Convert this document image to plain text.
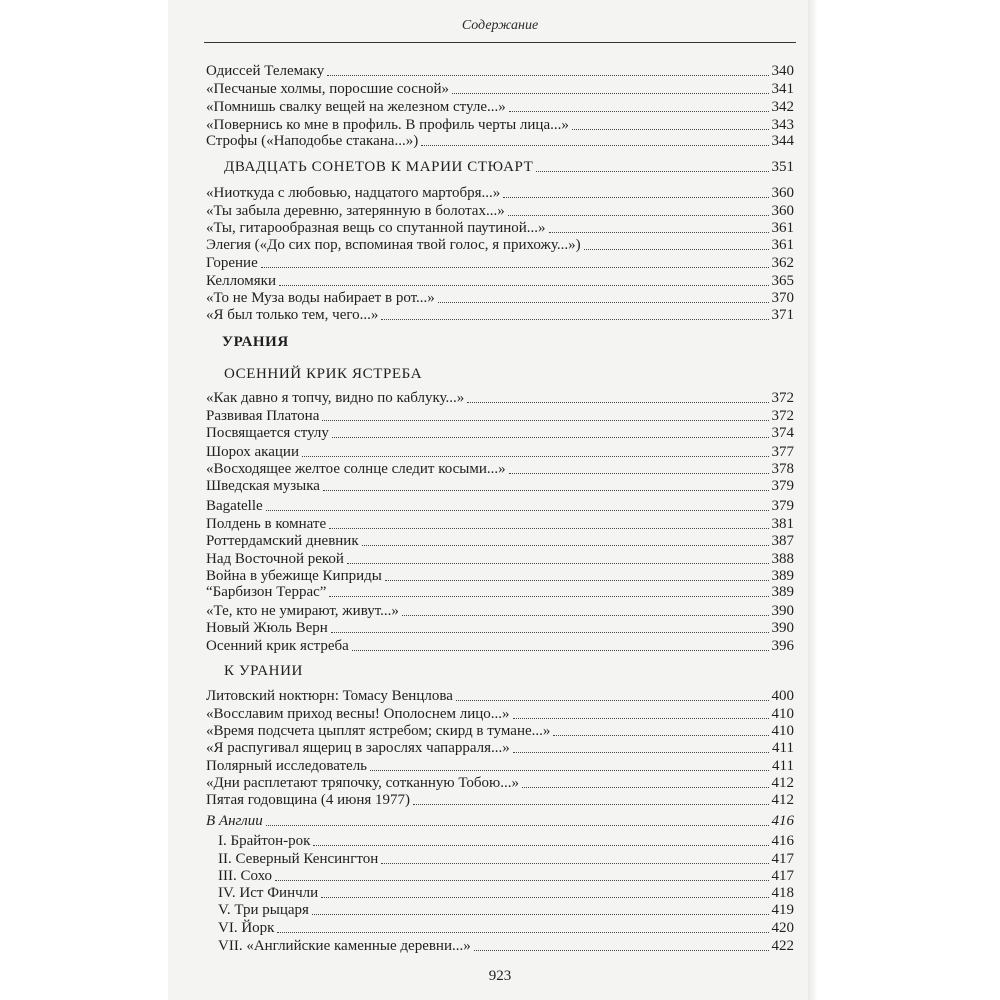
Содержание
УРАНИЯ
Одиссей Телемаку	340
«Песчаные холмы, поросшие сосной»	341
«Помнишь свалку вещей на железном стуле...»	342
«Повернись ко мне в профиль. В профиль черты лица...»	343
Строфы («Наподобье стакана...»)	344
ДВАДЦАТЬ СОНЕТОВ К МАРИИ СТЮАРТ	351
«Ниоткуда с любовью, надцатого мартобря...»	360
«Ты забыла деревню, затерянную в болотах...»	360
«Ты, гитарообразная вещь со спутанной паутиной...»	361
Элегия («До сих пор, вспоминая твой голос, я прихожу...»)	361
Горение	362
Келломяки	365
«То не Муза воды набирает в рот...»	370
«Я был только тем, чего...»	371
ОСЕННИЙ КРИК ЯСТРЕБА
«Как давно я топчу, видно по каблуку...»	372
Развивая Платона	372
Посвящается стулу	374
Шорох акации	377
«Восходящее желтое солнце следит косыми...»	378
Шведская музыка	379
Bagatelle	379
Полдень в комнате	381
Роттердамский дневник	387
Над Восточной рекой	388
Война в убежище Киприды	389
“Барбизон Террас”	389
«Те, кто не умирают, живут...»	390
Новый Жюль Верн	390
Осенний крик ястреба	396
К УРАНИИ
Литовский ноктюрн: Томасу Венцлова	400
«Восславим приход весны! Ополоснем лицо...»	410
«Время подсчета цыплят ястребом; скирд в тумане...»	410
«Я распугивал ящериц в зарослях чапарраля...»	411
Полярный исследователь	411
«Дни расплетают тряпочку, сотканную Тобою...»	412
Пятая годовщина (4 июня 1977)	412
В Англии	416
I. Брайтон-рок	416
II. Северный Кенсингтон	417
III. Сохо	417
IV. Ист Финчли	418
V. Три рыцаря	419
VI. Йорк	420
VII. «Английские каменные деревни...»	422
923
